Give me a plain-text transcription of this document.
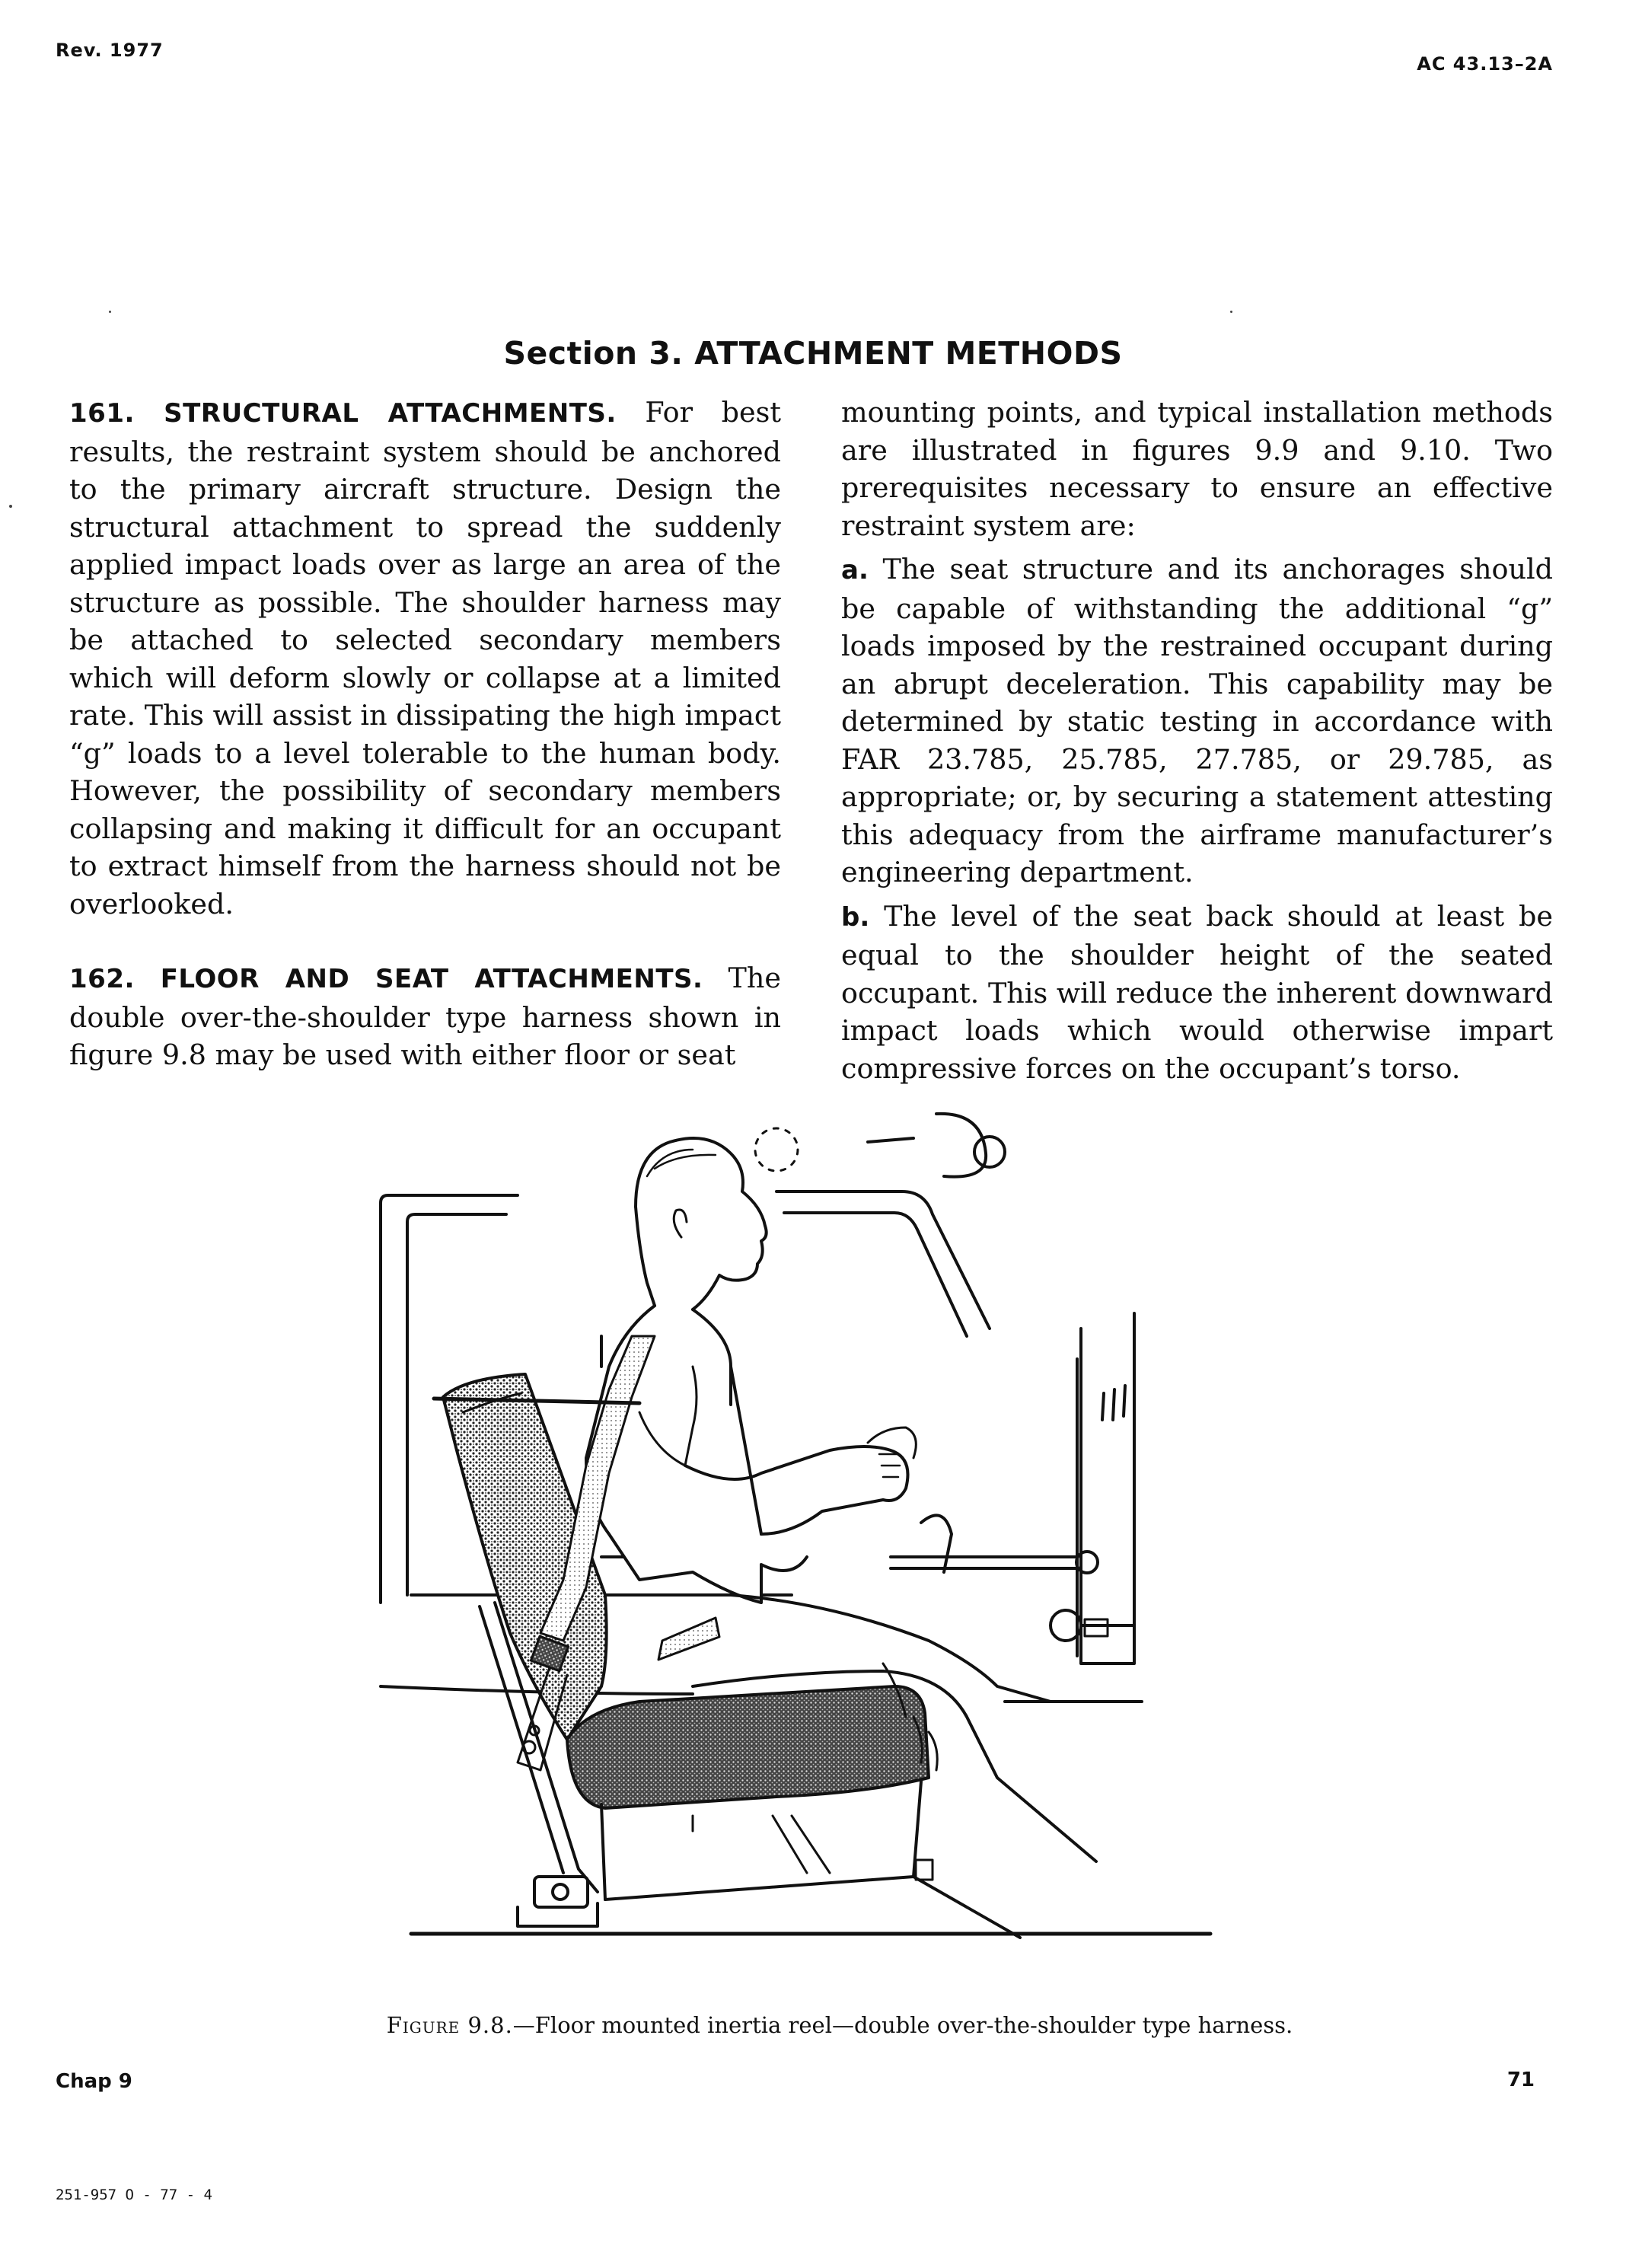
Rev. 1977
AC 43.13–2A
Section 3. ATTACHMENT METHODS

161. STRUCTURAL ATTACHMENTS. For best results, the restraint system should be anchored to the primary aircraft structure. Design the structural attachment to spread the suddenly applied impact loads over as large an area of the structure as possible. The shoulder harness may be attached to selected secondary members which will deform slowly or collapse at a limited rate. This will assist in dissipating the high impact “g” loads to a level tolerable to the human body. However, the possibility of secondary members collapsing and making it difficult for an occupant to extract himself from the harness should not be overlooked.

162. FLOOR AND SEAT ATTACHMENTS. The double over-the-shoulder type harness shown in figure 9.8 may be used with either floor or seat

mounting points, and typical installation methods are illustrated in figures 9.9 and 9.10. Two prerequisites necessary to ensure an effective restraint system are:

a. The seat structure and its anchorages should be capable of withstanding the additional “g” loads imposed by the restrained occupant during an abrupt deceleration. This capability may be determined by static testing in accordance with FAR 23.785, 25.785, 27.785, or 29.785, as appropriate; or, by securing a statement attesting this adequacy from the airframe manufacturer’s engineering department.

b. The level of the seat back should at least be equal to the shoulder height of the seated occupant. This will reduce the inherent downward impact loads which would otherwise impart compressive forces on the occupant’s torso.

Figure 9.8.—Floor mounted inertia reel—double over-the-shoulder type harness.
Chap 9	71
251-957 O - 77 - 4
